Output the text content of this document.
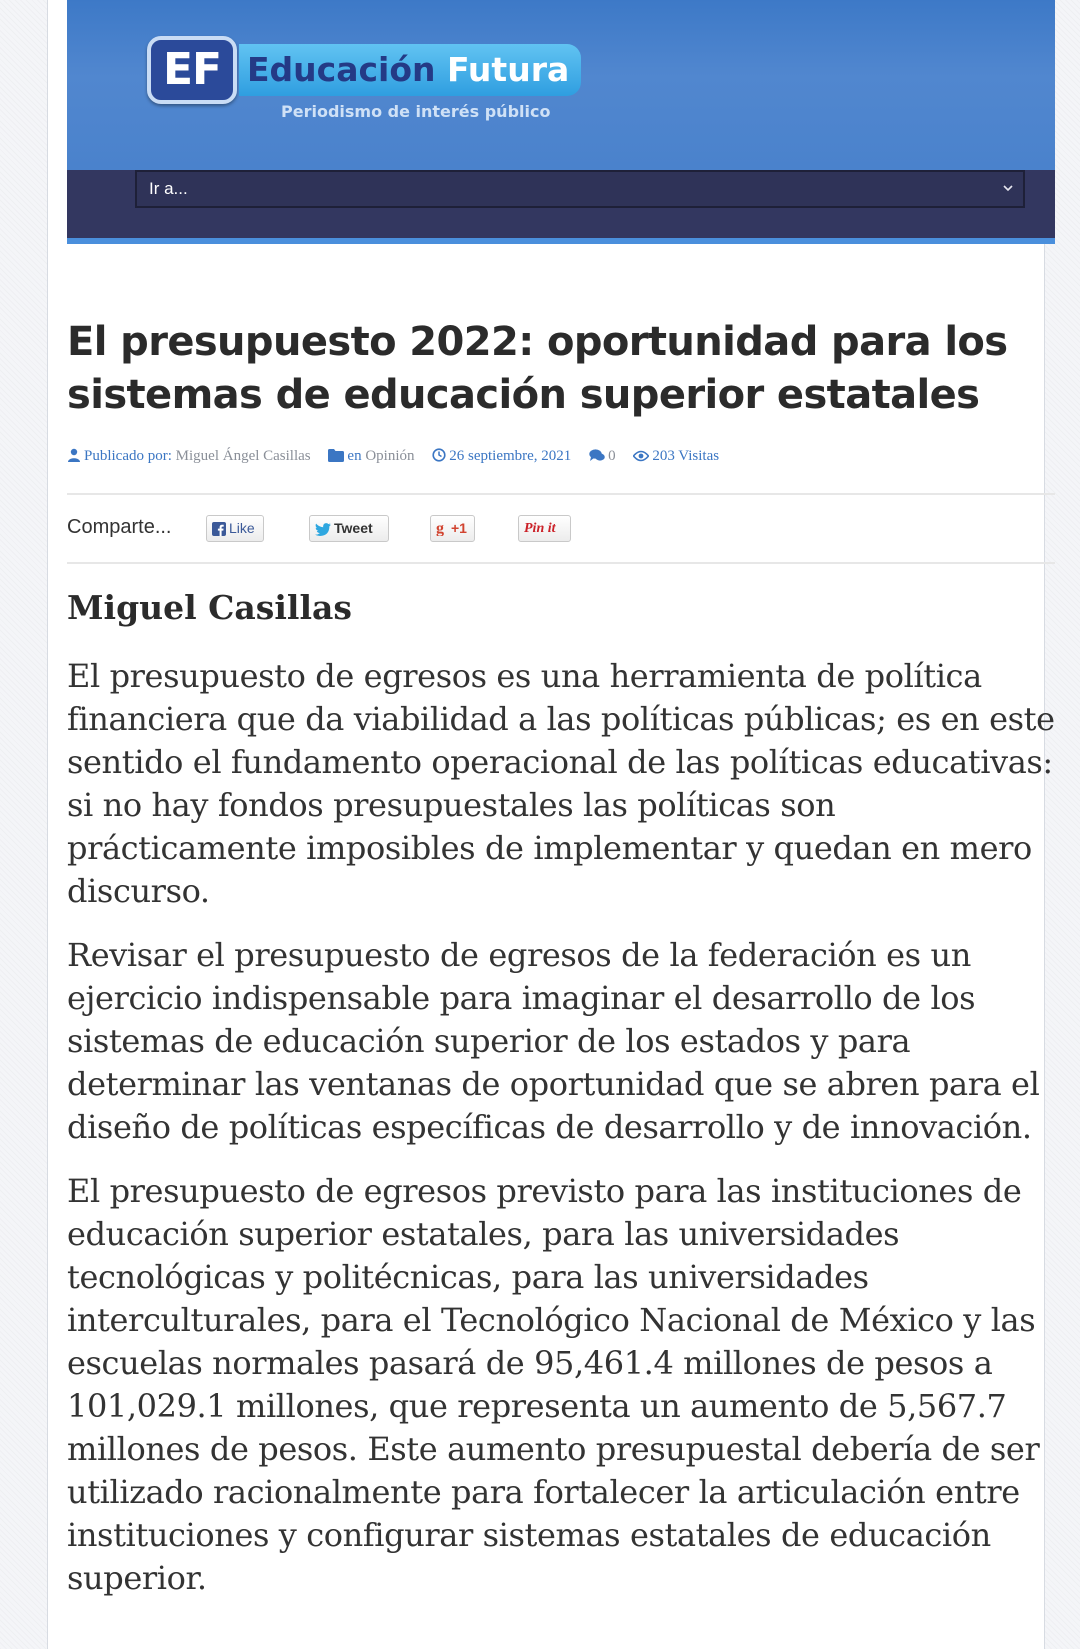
EF Educación Futura
Periodismo de interés público
Ir a...
El presupuesto 2022: oportunidad para los sistemas de educación superior estatales
Publicado por: Miguel Ángel Casillas en Opinión 26 septiembre, 2021 0 203 Visitas
Comparte...	Like	Tweet	g +1	Pin it
Miguel Casillas

El presupuesto de egresos es una herramienta de política financiera que da viabilidad a las políticas públicas; es en este sentido el fundamento operacional de las políticas educativas: si no hay fondos presupuestales las políticas son prácticamente imposibles de implementar y quedan en mero discurso.

Revisar el presupuesto de egresos de la federación es un ejercicio indispensable para imaginar el desarrollo de los sistemas de educación superior de los estados y para determinar las ventanas de oportunidad que se abren para el diseño de políticas específicas de desarrollo y de innovación.

El presupuesto de egresos previsto para las instituciones de educación superior estatales, para las universidades tecnológicas y politécnicas, para las universidades interculturales, para el Tecnológico Nacional de México y las escuelas normales pasará de 95,461.4 millones de pesos a 101,029.1 millones, que representa un aumento de 5,567.7 millones de pesos. Este aumento presupuestal debería de ser utilizado racionalmente para fortalecer la articulación entre instituciones y configurar sistemas estatales de educación superior.
